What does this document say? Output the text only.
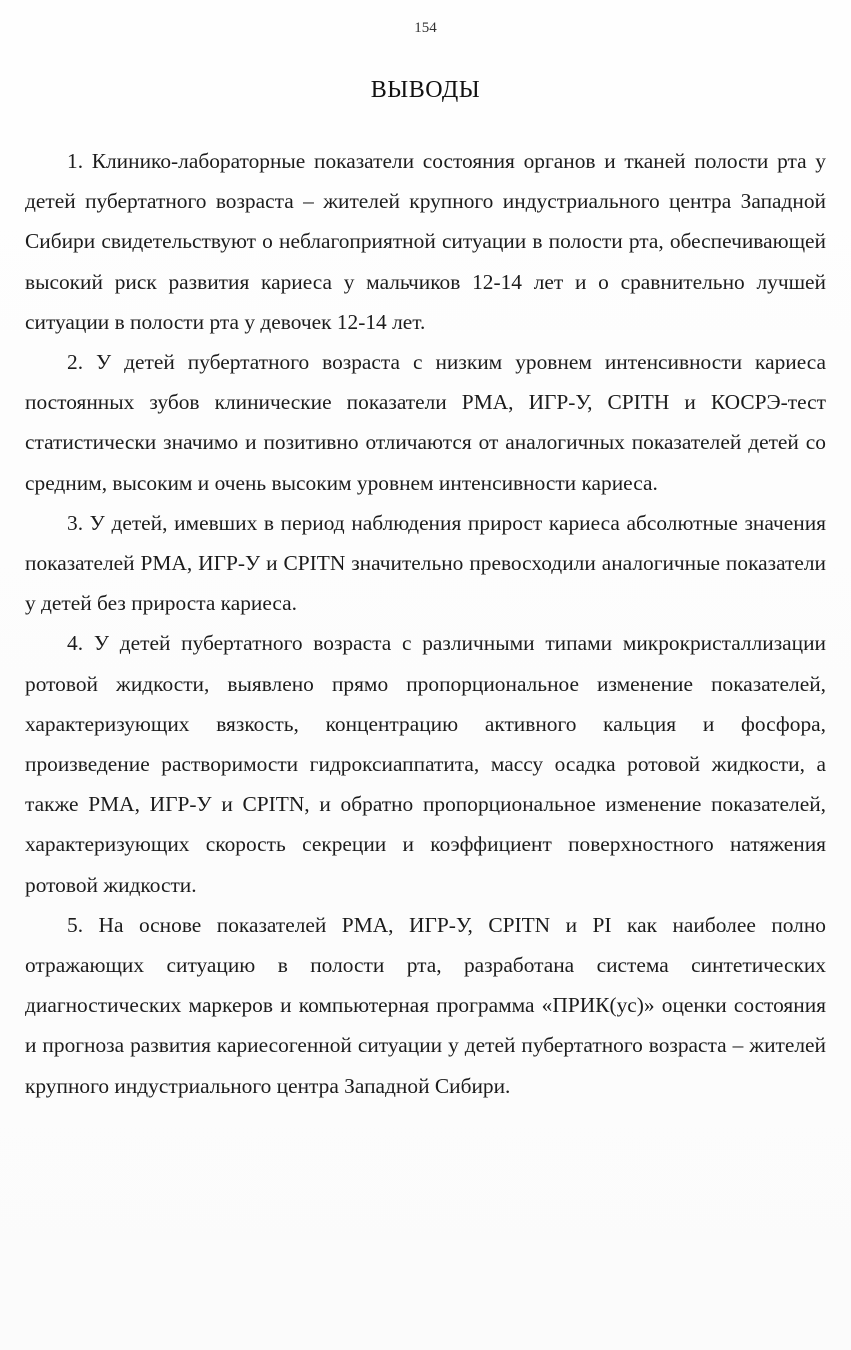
154
ВЫВОДЫ

1. Клинико-лабораторные показатели состояния органов и тканей полости рта у детей пубертатного возраста – жителей крупного индустриального центра Западной Сибири свидетельствуют о неблагоприятной ситуации в полости рта, обеспечивающей высокий риск развития кариеса у мальчиков 12-14 лет и о сравнительно лучшей ситуации в полости рта у девочек 12-14 лет.

2. У детей пубертатного возраста с низким уровнем интенсивности кариеса постоянных зубов клинические показатели РМА, ИГР-У, CPITH и КОСРЭ-тест статистически значимо и позитивно отличаются от аналогичных показателей детей со средним, высоким и очень высоким уровнем интенсивности кариеса.

3. У детей, имевших в период наблюдения прирост кариеса абсолютные значения показателей РМА, ИГР-У и CPITN значительно превосходили аналогичные показатели у детей без прироста кариеса.

4. У детей пубертатного возраста с различными типами микрокристаллизации ротовой жидкости, выявлено прямо пропорциональное изменение показателей, характеризующих вязкость, концентрацию активного кальция и фосфора, произведение растворимости гидроксиаппатита, массу осадка ротовой жидкости, а также РМА, ИГР-У и CPITN, и обратно пропорциональное изменение показателей, характеризующих скорость секреции и коэффициент поверхностного натяжения ротовой жидкости.

5. На основе показателей РМА, ИГР-У, CPITN и PI как наиболее полно отражающих ситуацию в полости рта, разработана система синтетических диагностических маркеров и компьютерная программа «ПРИК(ус)» оценки состояния и прогноза развития кариесогенной ситуации у детей пубертатного возраста – жителей крупного индустриального центра Западной Сибири.
